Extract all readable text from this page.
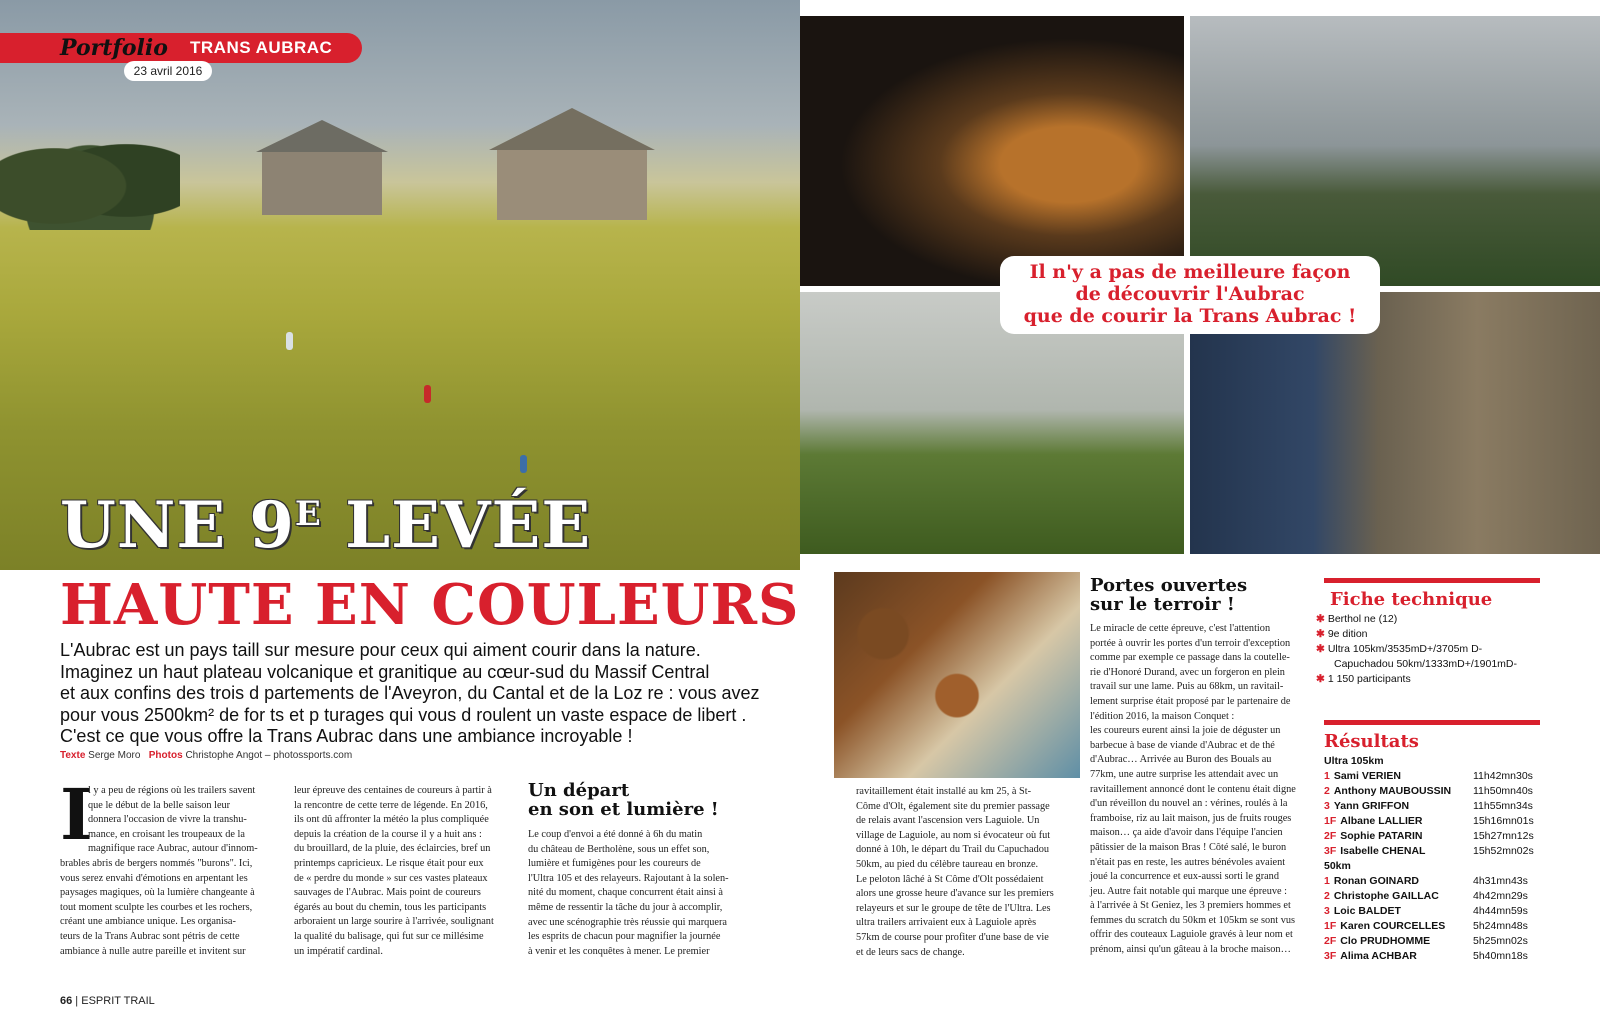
Portfolio TRANS AUBRAC
23 avril 2016
UNE $9^E$ LEVÉE
HAUTE EN COULEURS

L'Aubrac est un pays taill sur mesure pour ceux qui aiment courir dans la nature.

Imaginez un haut plateau volcanique et granitique au cœur-sud du Massif Central

et aux confins des trois d partements de l'Aveyron, du Cantal et de la Loz re : vous avez

pour vous 2500km² de for ts et p turages qui vous d roulent un vaste espace de libert .

C'est ce que vous offre la Trans Aubrac dans une ambiance incroyable !

Texte Serge Moro Photos Christophe Angot – photossports.com
I

l y a peu de régions où les trailers savent

que le début de la belle saison leur

donnera l'occasion de vivre la transhu-

mance, en croisant les troupeaux de la

magnifique race Aubrac, autour d'innom-

brables abris de bergers nommés "burons". Ici,

vous serez envahi d'émotions en arpentant les

paysages magiques, où la lumière changeante à

tout moment sculpte les courbes et les rochers,

créant une ambiance unique. Les organisa-

teurs de la Trans Aubrac sont pétris de cette

ambiance à nulle autre pareille et invitent sur

leur épreuve des centaines de coureurs à partir à

la rencontre de cette terre de légende. En 2016,

ils ont dû affronter la météo la plus compliquée

depuis la création de la course il y a huit ans :

du brouillard, de la pluie, des éclaircies, bref un

printemps capricieux. Le risque était pour eux

de « perdre du monde » sur ces vastes plateaux

sauvages de l'Aubrac. Mais point de coureurs

égarés au bout du chemin, tous les participants

arboraient un large sourire à l'arrivée, soulignant

la qualité du balisage, qui fut sur ce millésime

un impératif cardinal.

Un départ
en son et lumière !

Le coup d'envoi a été donné à 6h du matin

du château de Bertholène, sous un effet son,

lumière et fumigènes pour les coureurs de

l'Ultra 105 et des relayeurs. Rajoutant à la solen-

nité du moment, chaque concurrent était ainsi à

même de ressentir la tâche du jour à accomplir,

avec une scénographie très réussie qui marquera

les esprits de chacun pour magnifier la journée

à venir et les conquêtes à mener. Le premier

ravitaillement était installé au km 25, à St-

Côme d'Olt, également site du premier passage

de relais avant l'ascension vers Laguiole. Un

village de Laguiole, au nom si évocateur où fut

donné à 10h, le départ du Trail du Capuchadou

50km, au pied du célèbre taureau en bronze.

Le peloton lâché à St Côme d'Olt possédaient

alors une grosse heure d'avance sur les premiers

relayeurs et sur le groupe de tête de l'Ultra. Les

ultra trailers arrivaient eux à Laguiole après

57km de course pour profiter d'une base de vie

et de leurs sacs de change.

Portes ouvertes
sur le terroir !

Le miracle de cette épreuve, c'est l'attention

portée à ouvrir les portes d'un terroir d'exception

comme par exemple ce passage dans la coutelle-

rie d'Honoré Durand, avec un forgeron en plein

travail sur une lame. Puis au 68km, un ravitail-

lement surprise était proposé par le partenaire de

l'édition 2016, la maison Conquet :

les coureurs eurent ainsi la joie de déguster un

barbecue à base de viande d'Aubrac et de thé

d'Aubrac… Arrivée au Buron des Bouals au

77km, une autre surprise les attendait avec un

ravitaillement annoncé dont le contenu était digne

d'un réveillon du nouvel an : vérines, roulés à la

framboise, riz au lait maison, jus de fruits rouges

maison… ça aide d'avoir dans l'équipe l'ancien

pâtissier de la maison Bras ! Côté salé, le buron

n'était pas en reste, les autres bénévoles avaient

joué la concurrence et eux-aussi sorti le grand

jeu. Autre fait notable qui marque une épreuve :

à l'arrivée à St Geniez, les 3 premiers hommes et

femmes du scratch du 50km et 105km se sont vus

offrir des couteaux Laguiole gravés à leur nom et

prénom, ainsi qu'un gâteau à la broche maison…

Il n'y a pas de meilleure façon

de découvrir l'Aubrac

que de courir la Trans Aubrac !

Fiche technique
✱ Berthol ne (12)
✱ 9e dition
✱ Ultra 105km/3535mD+/3705m D-
Capuchadou 50km/1333mD+/1901mD-
✱ 1 150 participants
Résultats
Ultra 105km
1 Sami VERIEN	11h42mn30s
2 Anthony MAUBOUSSIN 11h50mn40s
3 Yann GRIFFON	11h55mn34s
1F Albane LALLIER	15h16mn01s
2F Sophie PATARIN	15h27mn12s
3F Isabelle CHENAL	15h52mn02s
50km
1 Ronan GOINARD	4h31mn43s
2 Christophe GAILLAC	4h42mn29s
3 Loic BALDET	4h44mn59s
1F Karen COURCELLES	5h24mn48s
2F Clo PRUDHOMME	5h25mn02s
3F Alima ACHBAR	5h40mn18s
66 | ESPRIT TRAIL
